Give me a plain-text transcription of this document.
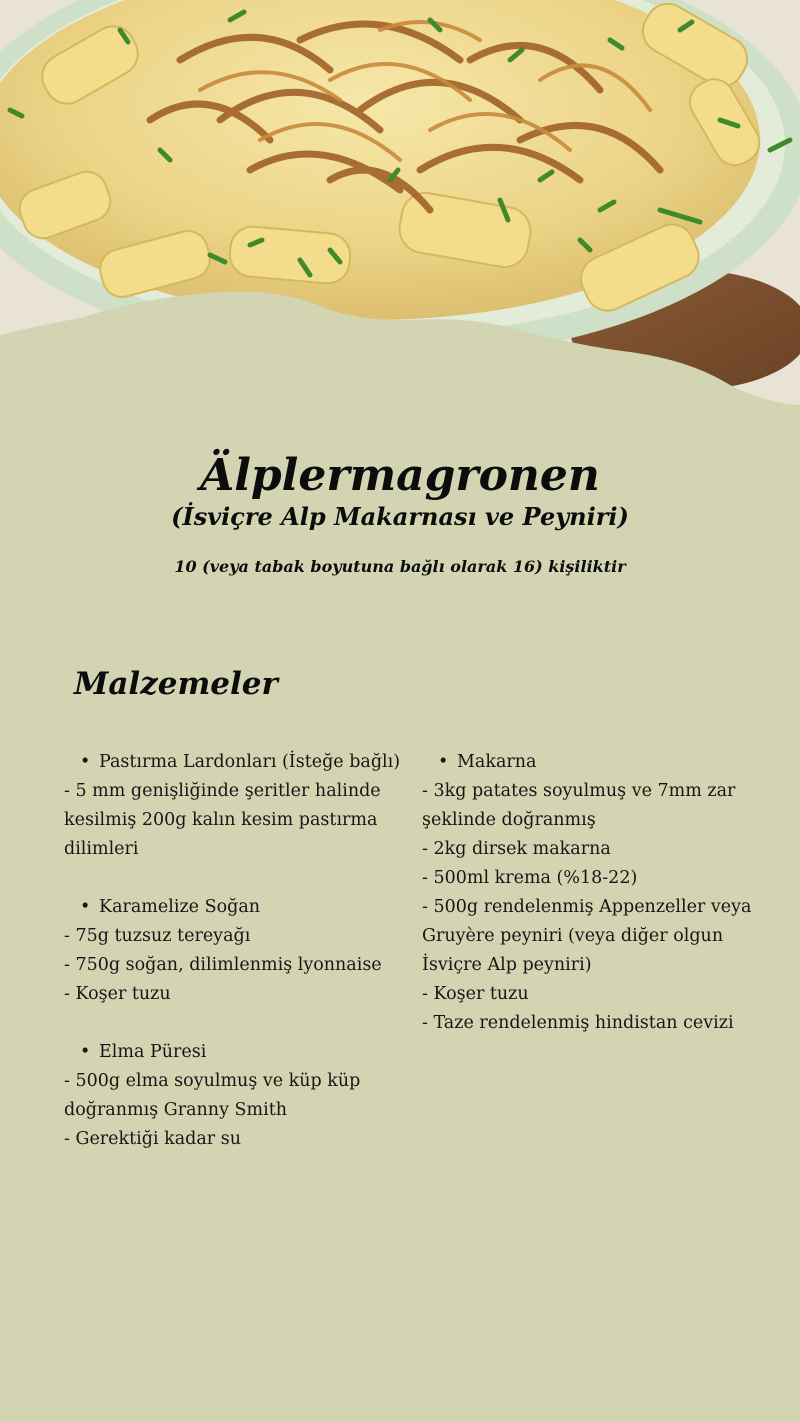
Älplermagronen
(İsviçre Alp Makarnası ve Peyniri)
10 (veya tabak boyutuna bağlı olarak 16) kişiliktir
Malzemeler
• Pastırma Lardonları (İsteğe bağlı)

- 5 mm genişliğinde şeritler halinde kesilmiş 200g kalın kesim pastırma dilimleri

• Karamelize Soğan

- 75g tuzsuz tereyağı

- 750g soğan, dilimlenmiş lyonnaise

- Koşer tuzu

• Elma Püresi

- 500g elma soyulmuş ve küp küp doğranmış Granny Smith

- Gerektiği kadar su

• Makarna

- 3kg patates soyulmuş ve 7mm zar şeklinde doğranmış

- 2kg dirsek makarna

- 500ml krema (%18-22)

- 500g rendelenmiş Appenzeller veya Gruyère peyniri (veya diğer olgun İsviçre Alp peyniri)

- Koşer tuzu

- Taze rendelenmiş hindistan cevizi
